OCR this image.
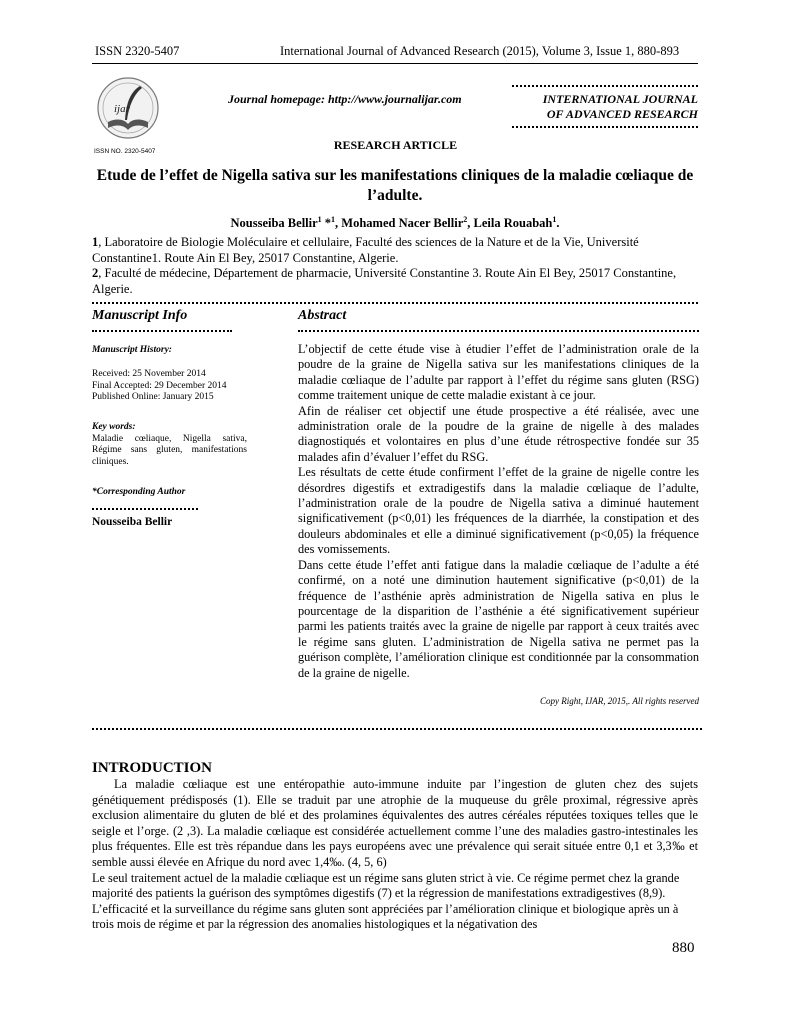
ISSN 2320-5407	International Journal of Advanced Research (2015), Volume 3, Issue 1, 880-893
ijar
ISSN NO. 2320-5407
Journal homepage: http://www.journalijar.com	INTERNATIONAL JOURNAL
OF ADVANCED RESEARCH
RESEARCH ARTICLE
Etude de l’effet de Nigella sativa sur les manifestations cliniques de la maladie cœliaque de l’adulte.
Nousseiba Bellir$^1$ *$^1$, Mohamed Nacer Bellir$^2$, Leila Rouabah$^1$.
1, Laboratoire de Biologie Moléculaire et cellulaire, Faculté des sciences de la Nature et de la Vie, Université Constantine1. Route Ain El Bey, 25017 Constantine, Algerie.
2, Faculté de médecine, Département de pharmacie, Université Constantine 3. Route Ain El Bey, 25017 Constantine, Algerie.
Manuscript Info
Manuscript History:
Received: 25 November 2014
Final Accepted: 29 December 2014
Published Online: January 2015
Key words:
Maladie cœliaque, Nigella sativa, Régime sans gluten, manifestations cliniques.
*Corresponding Author
Nousseiba Bellir
Abstract

L’objectif de cette étude vise à étudier l’effet de l’administration orale de la poudre de la graine de Nigella sativa sur les manifestations cliniques de la maladie cœliaque de l’adulte par rapport à l’effet du régime sans gluten (RSG) comme traitement unique de cette maladie existant à ce jour.

Afin de réaliser cet objectif une étude prospective a été réalisée, avec une administration orale de la poudre de la graine de nigelle à des malades diagnostiqués et volontaires en plus d’une étude rétrospective fondée sur 35 malades afin d’évaluer l’effet du RSG.

Les résultats de cette étude confirment l’effet de la graine de nigelle contre les désordres digestifs et extradigestifs dans la maladie cœliaque de l’adulte, l’administration orale de la poudre de Nigella sativa a diminué hautement significativement (p<0,01) les fréquences de la diarrhée, la constipation et des douleurs abdominales et elle a diminué significativement (p<0,05) la fréquence des vomissements.

Dans cette étude l’effet anti fatigue dans la maladie cœliaque de l’adulte a été confirmé, on a noté une diminution hautement significative (p<0,01) de la fréquence de l’asthénie après administration de Nigella sativa en plus le pourcentage de la disparition de l’asthénie a été significativement supérieur parmi les patients traités avec la graine de nigelle par rapport à ceux traités avec le régime sans gluten. L’administration de Nigella sativa ne permet pas la guérison complète, l’amélioration clinique est conditionnée par la consommation de la graine de nigelle.

Copy Right, IJAR, 2015,. All rights reserved
INTRODUCTION

La maladie cœliaque est une entéropathie auto-immune induite par l’ingestion de gluten chez des sujets génétiquement prédisposés (1). Elle se traduit par une atrophie de la muqueuse du grêle proximal, régressive après exclusion alimentaire du gluten de blé et des prolamines équivalentes des autres céréales réputées toxiques telles que le seigle et l’orge. (2 ,3). La maladie cœliaque est considérée actuellement comme l’une des maladies gastro-intestinales les plus fréquentes. Elle est très répandue dans les pays européens avec une prévalence qui serait située entre 0,1 et 3,3‰ et semble aussi élevée en Afrique du nord avec 1,4‰. (4, 5, 6)

Le seul traitement actuel de la maladie cœliaque est un régime sans gluten strict à vie. Ce régime permet chez la grande majorité des patients la guérison des symptômes digestifs (7) et la régression de manifestations extradigestives (8,9). L’efficacité et la surveillance du régime sans gluten sont appréciées par l’amélioration clinique et biologique après un à trois mois de régime et par la régression des anomalies histologiques et la négativation des

880
